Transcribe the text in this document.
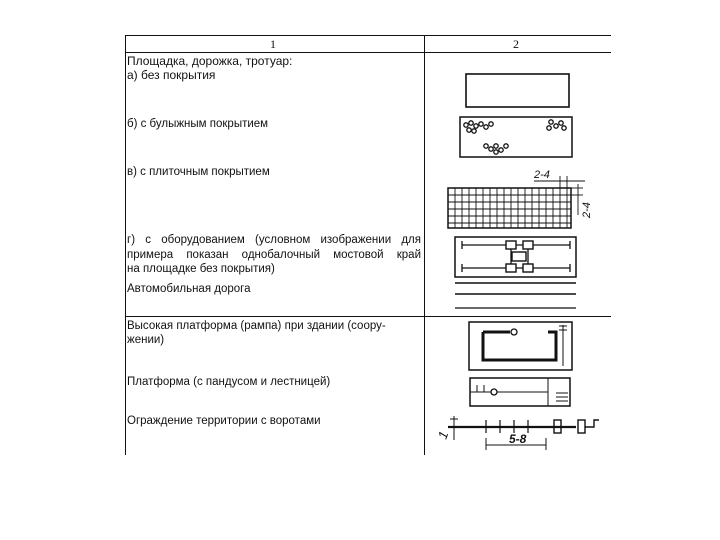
1	2
Площадка, дорожка, тротуар:
а) без покрытия
б) с булыжным покрытием
в) с плиточным покрытием
г) с оборудованием (условном изображении для
примера показан однобалочный мостовой край
на площадке без покрытия)
Автомобильная дорога
Высокая платформа (рампа) при здании (соору-
жении)
Платформа (с пандусом и лестницей)
Ограждение территории с воротами
2-4
2-4
1	5-8
